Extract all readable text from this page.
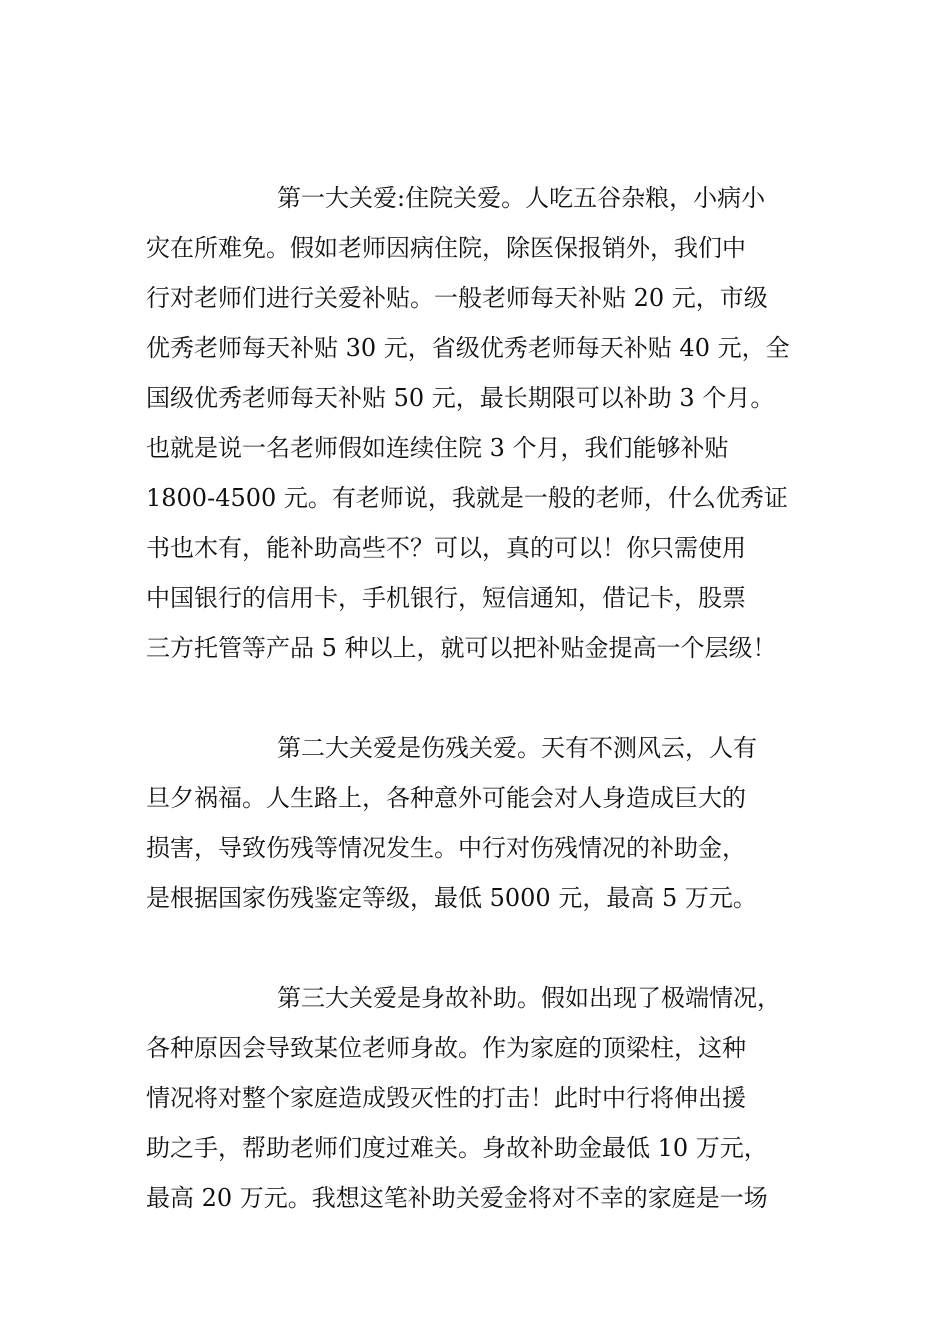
第一大关爱:住院关爱。人吃五谷杂粮，小病小
灾在所难免。假如老师因病住院，除医保报销外，我们中
行对老师们进行关爱补贴。一般老师每天补贴 20 元，市级
优秀老师每天补贴 30 元，省级优秀老师每天补贴 40 元，全
国级优秀老师每天补贴 50 元，最长期限可以补助 3 个月。
也就是说一名老师假如连续住院 3 个月，我们能够补贴
1800-4500 元。有老师说，我就是一般的老师，什么优秀证
书也木有，能补助高些不？可以，真的可以！你只需使用
中国银行的信用卡，手机银行，短信通知，借记卡，股票
三方托管等产品 5 种以上，就可以把补贴金提高一个层级！
第二大关爱是伤残关爱。天有不测风云，人有
旦夕祸福。人生路上，各种意外可能会对人身造成巨大的
损害，导致伤残等情况发生。中行对伤残情况的补助金，
是根据国家伤残鉴定等级，最低 5000 元，最高 5 万元。
第三大关爱是身故补助。假如出现了极端情况，
各种原因会导致某位老师身故。作为家庭的顶梁柱，这种
情况将对整个家庭造成毁灭性的打击！此时中行将伸出援
助之手，帮助老师们度过难关。身故补助金最低 10 万元，
最高 20 万元。我想这笔补助关爱金将对不幸的家庭是一场
